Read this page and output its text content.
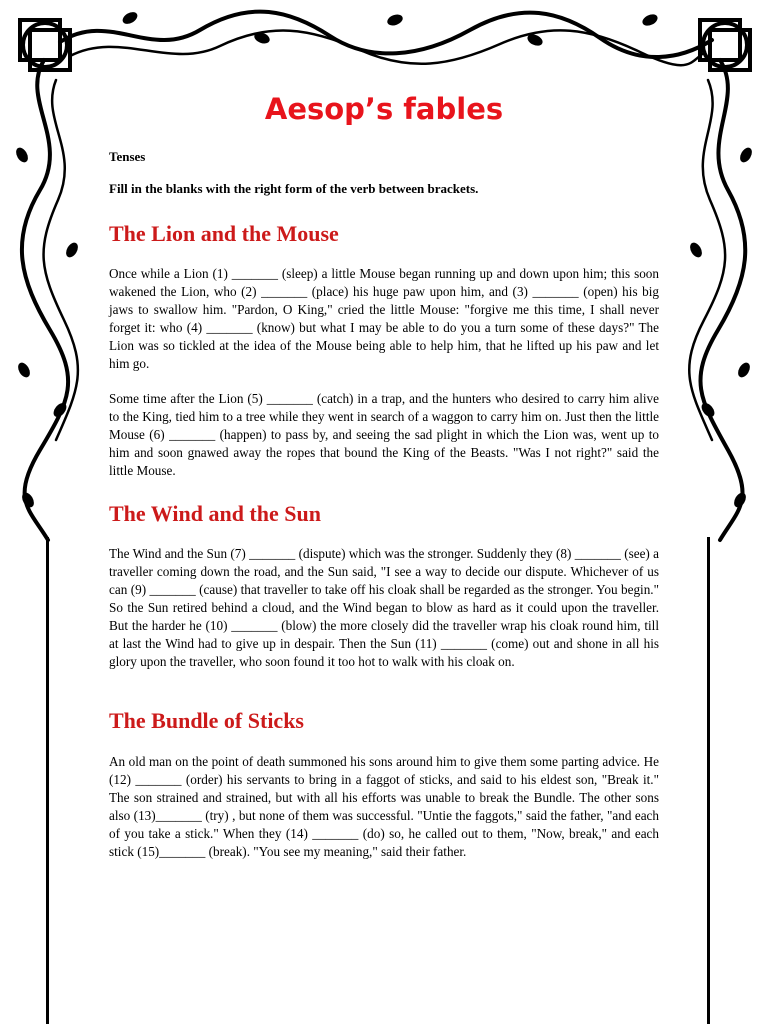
Aesop’s fables

Tenses

Fill in the blanks with the right form of the verb between brackets.

The Lion and the Mouse

Once while a Lion (1) _______ (sleep) a little Mouse began running up and down upon him; this soon wakened the Lion, who (2) _______ (place) his huge paw upon him, and (3) _______ (open) his big jaws to swallow him. "Pardon, O King," cried the little Mouse: "forgive me this time, I shall never forget it: who (4) _______ (know) but what I may be able to do you a turn some of these days?" The Lion was so tickled at the idea of the Mouse being able to help him, that he lifted up his paw and let him go.

Some time after the Lion (5) _______ (catch) in a trap, and the hunters who desired to carry him alive to the King, tied him to a tree while they went in search of a waggon to carry him on. Just then the little Mouse (6) _______ (happen) to pass by, and seeing the sad plight in which the Lion was, went up to him and soon gnawed away the ropes that bound the King of the Beasts. "Was I not right?" said the little Mouse.

The Wind and the Sun

The Wind and the Sun (7) _______ (dispute) which was the stronger. Suddenly they (8) _______ (see) a traveller coming down the road, and the Sun said, "I see a way to decide our dispute. Whichever of us can (9) _______ (cause) that traveller to take off his cloak shall be regarded as the stronger. You begin." So the Sun retired behind a cloud, and the Wind began to blow as hard as it could upon the traveller. But the harder he (10) _______ (blow) the more closely did the traveller wrap his cloak round him, till at last the Wind had to give up in despair. Then the Sun (11) _______ (come) out and shone in all his glory upon the traveller, who soon found it too hot to walk with his cloak on.

The Bundle of Sticks

An old man on the point of death summoned his sons around him to give them some parting advice. He (12) _______ (order) his servants to bring in a faggot of sticks, and said to his eldest son, "Break it." The son strained and strained, but with all his efforts was unable to break the Bundle. The other sons also (13)_______ (try) , but none of them was successful. "Untie the faggots," said the father, "and each of you take a stick." When they (14) _______ (do) so, he called out to them, "Now, break," and each stick (15)_______ (break). "You see my meaning," said their father.
